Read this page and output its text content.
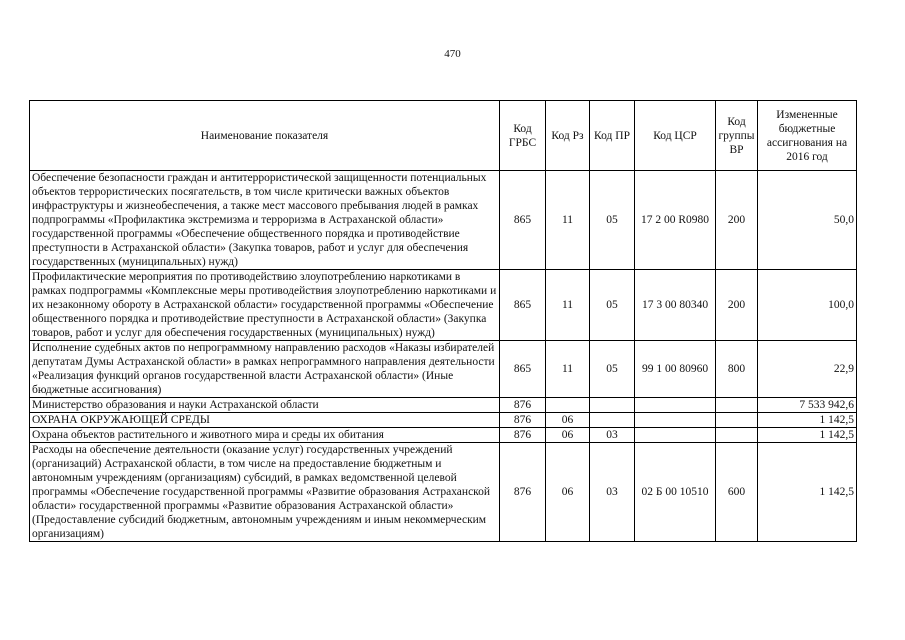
470
Наименование показателя	Код ГРБС	Код Рз	Код ПР	Код ЦСР	Код группы ВР	Измененные бюджетные ассигнования на 2016 год
Обеспечение безопасности граждан и антитеррористической защищенности потенциальных объектов террористических посягательств, в том числе критически важных объектов инфраструктуры и жизнеобеспечения, а также мест массового пребывания людей в рамках подпрограммы «Профилактика экстремизма и терроризма в Астраханской области» государственной программы «Обеспечение общественного порядка и противодействие преступности в Астраханской области» (Закупка товаров, работ и услуг для обеспечения государственных (муниципальных) нужд)	865	11	05	17 2 00 R0980	200	50,0
Профилактические мероприятия по противодействию злоупотреблению наркотиками в рамках подпрограммы «Комплексные меры противодействия злоупотреблению наркотиками и их незаконному обороту в Астраханской области» государственной программы «Обеспечение общественного порядка и противодействие преступности в Астраханской области» (Закупка товаров, работ и услуг для обеспечения государственных (муниципальных) нужд)	865	11	05	17 3 00 80340	200	100,0
Исполнение судебных актов по непрограммному направлению расходов «Наказы избирателей депутатам Думы Астраханской области» в рамках непрограммного направления деятельности «Реализация функций органов государственной власти Астраханской области» (Иные бюджетные ассигнования)	865	11	05	99 1 00 80960	800	22,9
Министерство образования и науки Астраханской области	876					7 533 942,6
ОХРАНА ОКРУЖАЮЩЕЙ СРЕДЫ	876	06				1 142,5
Охрана объектов растительного и животного мира и среды их обитания	876	06	03			1 142,5
Расходы на обеспечение деятельности (оказание услуг) государственных учреждений (организаций) Астраханской области, в том числе на предоставление бюджетным и автономным учреждениям (организациям) субсидий, в рамках ведомственной целевой программы «Обеспечение государственной программы «Развитие образования Астраханской области» государственной программы «Развитие образования Астраханской области» (Предоставление субсидий бюджетным, автономным учреждениям и иным некоммерческим организациям)	876	06	03	02 Б 00 10510	600	1 142,5
